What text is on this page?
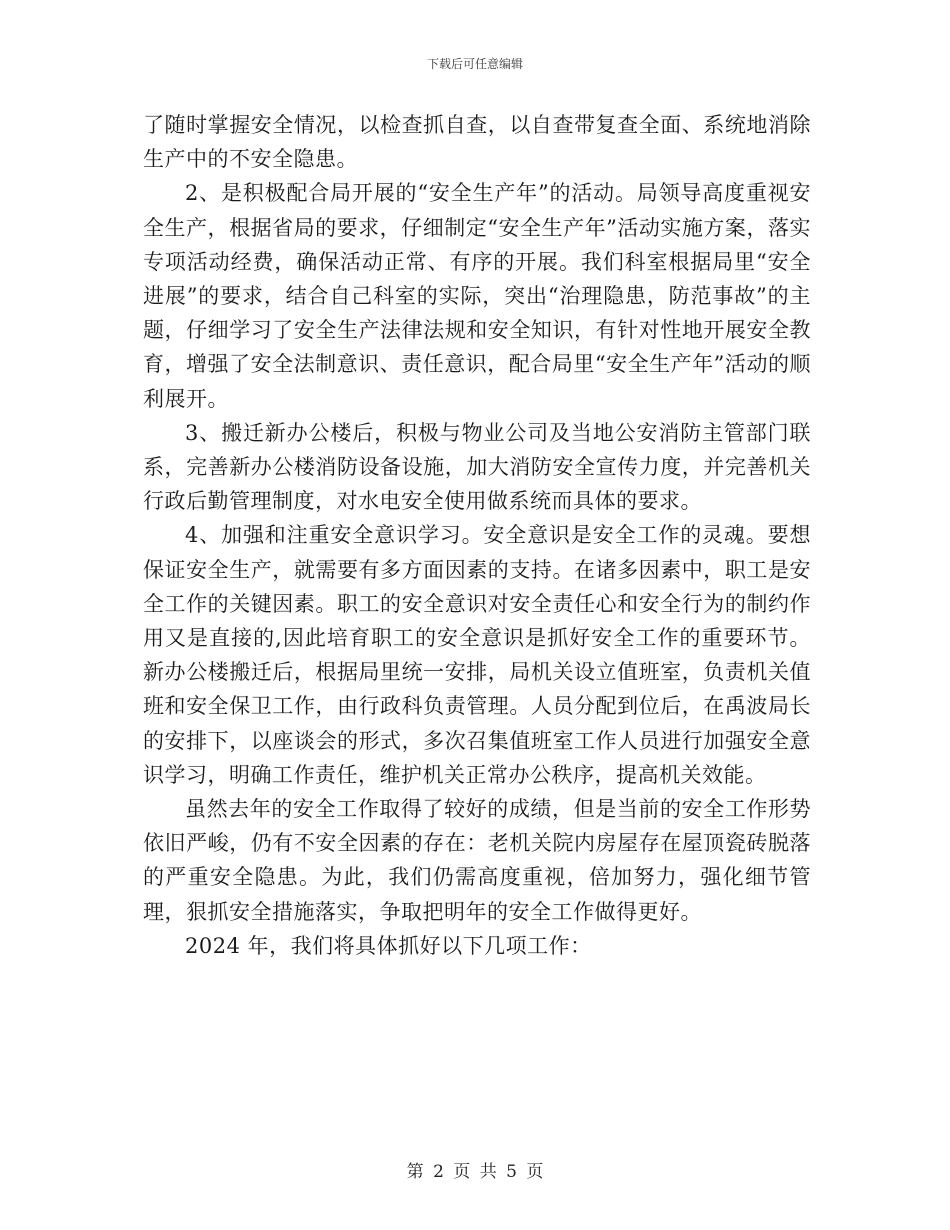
下载后可任意编辑

了随时掌握安全情况，以检查抓自查，以自查带复查全面、系统地消除生产中的不安全隐患。

2、是积极配合局开展的“安全生产年”的活动。局领导高度重视安全生产，根据省局的要求，仔细制定“安全生产年”活动实施方案，落实专项活动经费，确保活动正常、有序的开展。我们科室根据局里“安全进展”的要求，结合自己科室的实际，突出“治理隐患，防范事故”的主题，仔细学习了安全生产法律法规和安全知识，有针对性地开展安全教育，增强了安全法制意识、责任意识，配合局里“安全生产年”活动的顺利展开。

3、搬迁新办公楼后，积极与物业公司及当地公安消防主管部门联系，完善新办公楼消防设备设施，加大消防安全宣传力度，并完善机关行政后勤管理制度，对水电安全使用做系统而具体的要求。

4、加强和注重安全意识学习。安全意识是安全工作的灵魂。要想保证安全生产，就需要有多方面因素的支持。在诸多因素中，职工是安全工作的关键因素。职工的安全意识对安全责任心和安全行为的制约作用又是直接的,因此培育职工的安全意识是抓好安全工作的重要环节。新办公楼搬迁后，根据局里统一安排，局机关设立值班室，负责机关值班和安全保卫工作，由行政科负责管理。人员分配到位后，在禹波局长的安排下，以座谈会的形式，多次召集值班室工作人员进行加强安全意识学习，明确工作责任，维护机关正常办公秩序，提高机关效能。

虽然去年的安全工作取得了较好的成绩，但是当前的安全工作形势依旧严峻，仍有不安全因素的存在：老机关院内房屋存在屋顶瓷砖脱落的严重安全隐患。为此，我们仍需高度重视，倍加努力，强化细节管理，狠抓安全措施落实，争取把明年的安全工作做得更好。

2024 年，我们将具体抓好以下几项工作：

第 2 页 共 5 页
